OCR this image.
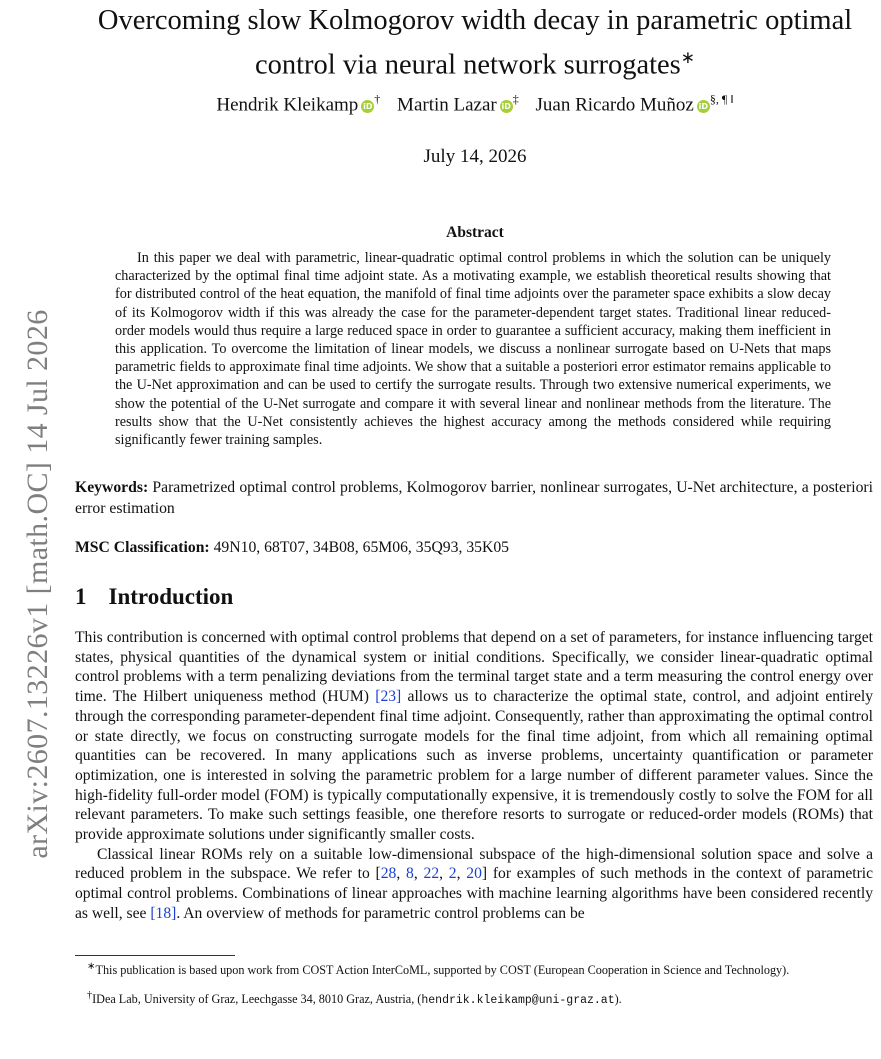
arXiv:2607.13226v1 [math.OC] 14 Jul 2026
Overcoming slow Kolmogorov width decay in parametric optimal
control via neural network surrogates∗
Hendrik Kleikamp iD† Martin Lazar iD‡ Juan Ricardo Muñoz iD§, ¶ ‖
July 14, 2026
Abstract
In this paper we deal with parametric, linear-quadratic optimal control problems in which the solution can be uniquely characterized by the optimal final time adjoint state. As a motivating example, we establish theoretical results showing that for distributed control of the heat equation, the manifold of final time adjoints over the parameter space exhibits a slow decay of its Kolmogorov width if this was already the case for the parameter-dependent target states. Traditional linear reduced-order models would thus require a large reduced space in order to guarantee a sufficient accuracy, making them inefficient in this application. To overcome the limitation of linear models, we discuss a nonlinear surrogate based on U-Nets that maps parametric fields to approximate final time adjoints. We show that a suitable a posteriori error estimator remains applicable to the U-Net approximation and can be used to certify the surrogate results. Through two extensive numerical experiments, we show the potential of the U-Net surrogate and compare it with several linear and nonlinear methods from the literature. The results show that the U-Net consistently achieves the highest accuracy among the methods considered while requiring significantly fewer training samples.
Keywords: Parametrized optimal control problems, Kolmogorov barrier, nonlinear surrogates, U-Net architecture, a posteriori error estimation
MSC Classification: 49N10, 68T07, 34B08, 65M06, 35Q93, 35K05
1 Introduction

This contribution is concerned with optimal control problems that depend on a set of parameters, for instance influencing target states, physical quantities of the dynamical system or initial conditions. Specifically, we consider linear-quadratic optimal control problems with a term penalizing deviations from the terminal target state and a term measuring the control energy over time. The Hilbert uniqueness method (HUM) [23] allows us to characterize the optimal state, control, and adjoint entirely through the corresponding parameter-dependent final time adjoint. Consequently, rather than approximating the optimal control or state directly, we focus on constructing surrogate models for the final time adjoint, from which all remaining optimal quantities can be recovered. In many applications such as inverse problems, uncertainty quantification or parameter optimization, one is interested in solving the parametric problem for a large number of different parameter values. Since the high-fidelity full-order model (FOM) is typically computationally expensive, it is tremendously costly to solve the FOM for all relevant parameters. To make such settings feasible, one therefore resorts to surrogate or reduced-order models (ROMs) that provide approximate solutions under significantly smaller costs.

Classical linear ROMs rely on a suitable low-dimensional subspace of the high-dimensional solution space and solve a reduced problem in the subspace. We refer to [28, 8, 22, 2, 20] for examples of such methods in the context of parametric optimal control problems. Combinations of linear approaches with machine learning algorithms have been considered recently as well, see [18]. An overview of methods for parametric control problems can be

∗This publication is based upon work from COST Action InterCoML, supported by COST (European Cooperation in Science and Technology).
†IDea Lab, University of Graz, Leechgasse 34, 8010 Graz, Austria, (hendrik.kleikamp@uni-graz.at).
